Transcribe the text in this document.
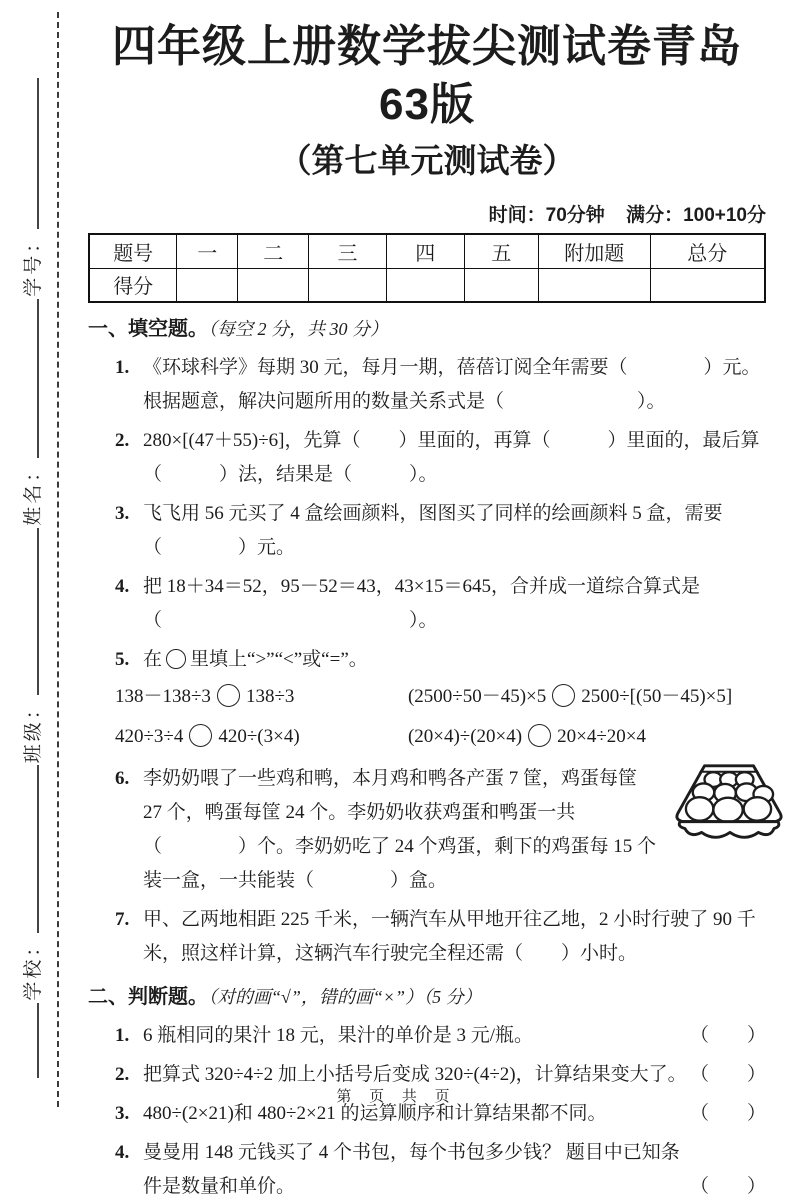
学校：
班级：
姓名：
学号：
四年级上册数学拔尖测试卷青岛63版
（第七单元测试卷）
时间：70分钟 满分：100+10分
题号	一	二	三	四	五	附加题	总分
得分							
一、填空题。（每空 2 分，共 30 分）
1. 《环球科学》每期 30 元，每月一期，蓓蓓订阅全年需要（　　　　）元。根据题意，解决问题所用的数量关系式是（　　　　　　　）。
2. 280×[(47＋55)÷6]，先算（　　）里面的，再算（　　　）里面的，最后算（　　　）法，结果是（　　　）。
3. 飞飞用 56 元买了 4 盒绘画颜料，图图买了同样的绘画颜料 5 盒，需要（　　　　）元。
4. 把 18＋34＝52，95－52＝43，43×15＝645，合并成一道综合算式是（　　　　　　　　　　　　　）。
5. 在 里填上“>”“<”或“=”。
138－138÷3 138÷3	(2500÷50－45)×5 2500÷[(50－45)×5]
420÷3÷4 420÷(3×4)	(20×4)÷(20×4) 20×4÷20×4
6. 李奶奶喂了一些鸡和鸭，本月鸡和鸭各产蛋 7 筐，鸡蛋每筐 27 个，鸭蛋每筐 24 个。李奶奶收获鸡蛋和鸭蛋一共（　　　　）个。李奶奶吃了 24 个鸡蛋，剩下的鸡蛋每 15 个装一盒，一共能装（　　　　）盒。
7. 甲、乙两地相距 225 千米，一辆汽车从甲地开往乙地，2 小时行驶了 90 千米，照这样计算，这辆汽车行驶完全程还需（　　）小时。
二、判断题。（对的画“√”，错的画“×”）（5 分）
1. 6 瓶相同的果汁 18 元，果汁的单价是 3 元/瓶。	（　　）
2. 把算式 320÷4÷2 加上小括号后变成 320÷(4÷2)，计算结果变大了。 （　　）
3. 480÷(2×21)和 480÷2×21 的运算顺序和计算结果都不同。	（　　）
4. 曼曼用 148 元钱买了 4 个书包，每个书包多少钱？ 题目中已知条件是数量和单价。	（　　）
第 页 共 页
